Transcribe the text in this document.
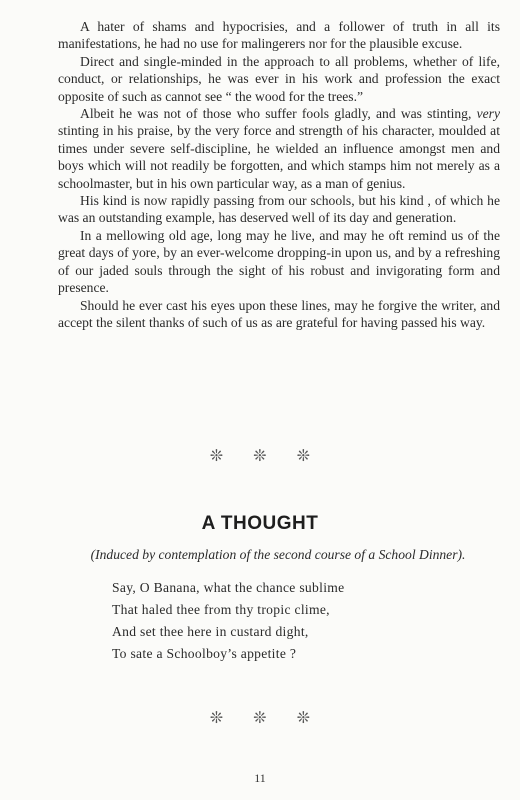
A hater of shams and hypocrisies, and a follower of truth in all its manifestations, he had no use for malingerers nor for the plausible excuse.

Direct and single-minded in the approach to all problems, whether of life, conduct, or relationships, he was ever in his work and profession the exact opposite of such as cannot see “ the wood for the trees.”

Albeit he was not of those who suffer fools gladly, and was stinting, very stinting in his praise, by the very force and strength of his character, moulded at times under severe self-discipline, he wielded an influence amongst men and boys which will not readily be forgotten, and which stamps him not merely as a schoolmaster, but in his own particular way, as a man of genius.

His kind is now rapidly passing from our schools, but his kind , of which he was an outstanding example, has deserved well of its day and generation.

In a mellowing old age, long may he live, and may he oft remind us of the great days of yore, by an ever-welcome dropping-in upon us, and by a refreshing of our jaded souls through the sight of his robust and invigorating form and presence.

Should he ever cast his eyes upon these lines, may he forgive the writer, and accept the silent thanks of such of us as are grateful for having passed his way.

❊ ❊ ❊
A THOUGHT
(Induced by contemplation of the second course of a School Dinner).
Say, O Banana, what the chance sublime
That haled thee from thy tropic clime,
And set thee here in custard dight,
To sate a Schoolboy’s appetite ?
❊ ❊ ❊
11
